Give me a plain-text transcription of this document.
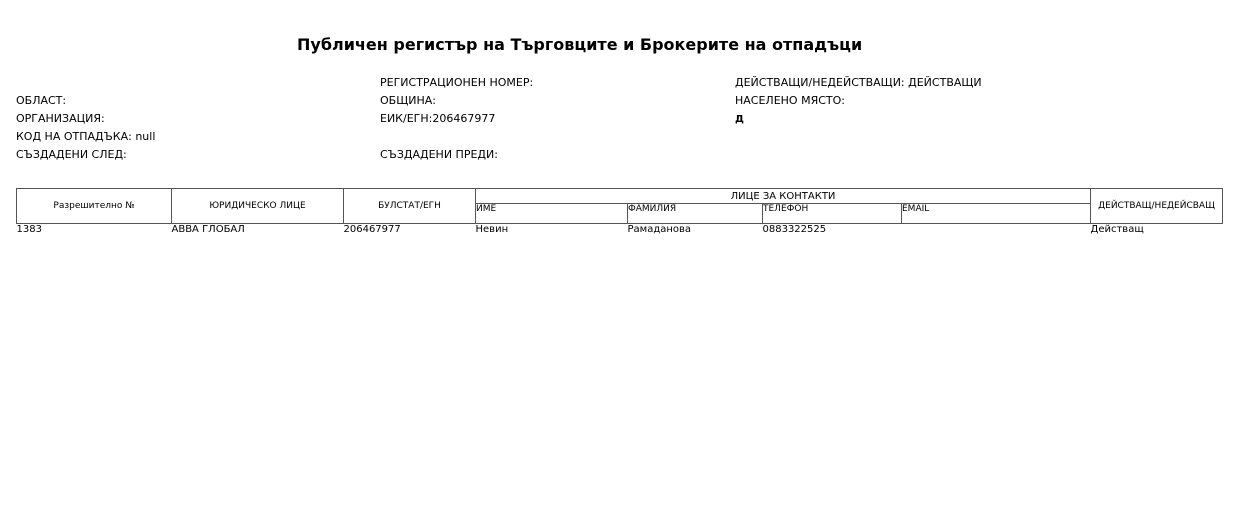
Публичен регистър на Търговците и Брокерите на отпадъци
РЕГИСТРАЦИОНЕН НОМЕР:	ДЕЙСТВАЩИ/НЕДЕЙСТВАЩИ: ДЕЙСТВАЩИ
ОБЛАСТ:	ОБЩИНА:	НАСЕЛЕНО МЯСТО:
ОРГАНИЗАЦИЯ:	ЕИК/ЕГН:206467977	Д
КОД НА ОТПАДЪКА: null
СЪЗДАДЕНИ СЛЕД:	СЪЗДАДЕНИ ПРЕДИ:
Разрешително №	ЮРИДИЧЕСКО ЛИЦЕ	БУЛСТАТ/ЕГН	ЛИЦЕ ЗА КОНТАКТИ				ДЕЙСТВАЩ/НЕДЕЙСВАЩ
			ИМЕ	ФАМИЛИЯ	ТЕЛЕФОН	EMAIL	
1383	АВВА ГЛОБАЛ	206467977	Невин	Рамаданова	0883322525		Действащ
